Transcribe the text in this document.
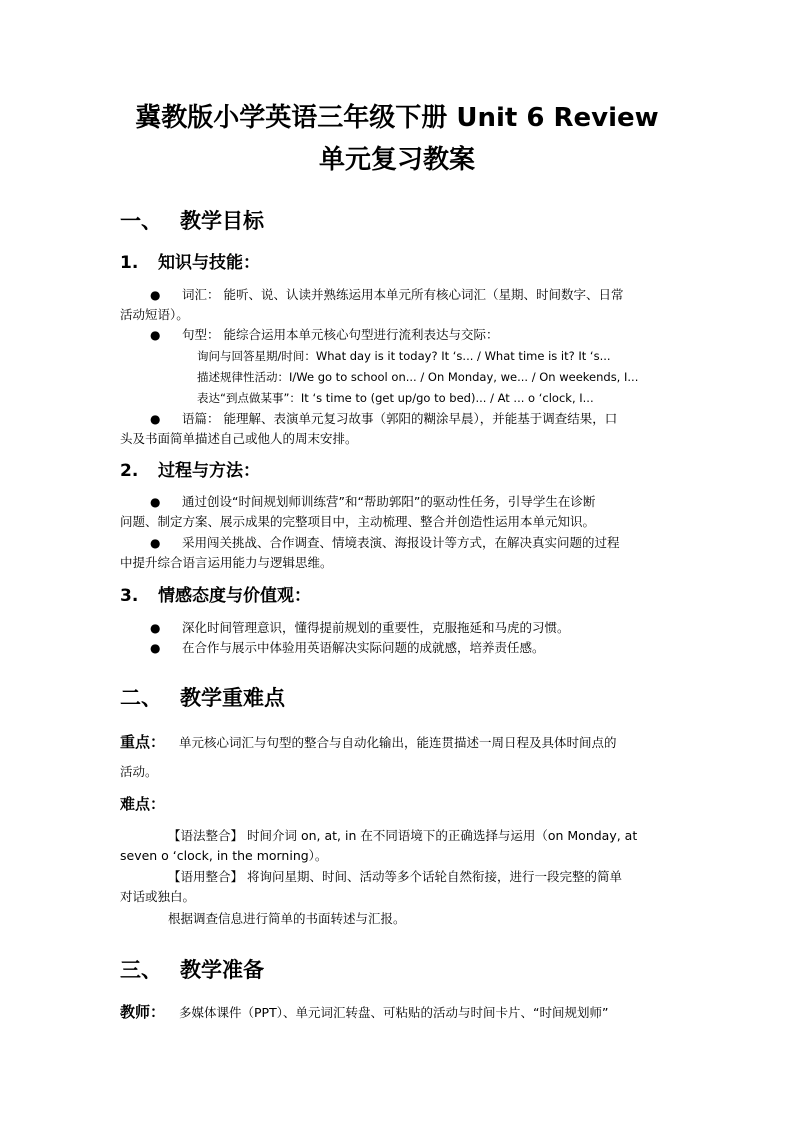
冀教版小学英语三年级下册 Unit 6 Review
单元复习教案
一、 教学目标
1. 知识与技能：
●	词汇： 能听、说、认读并熟练运用本单元所有核心词汇（星期、时间数字、日常
活动短语）。
●	句型： 能综合运用本单元核心句型进行流利表达与交际：
询问与回答星期/时间：What day is it today? It ‘s... / What time is it? It ‘s...
描述规律性活动：I/We go to school on... / On Monday, we... / On weekends, I...
表达“到点做某事”：It ‘s time to (get up/go to bed)... / At ... o ‘clock, I...
●	语篇： 能理解、表演单元复习故事（郭阳的糊涂早晨），并能基于调查结果，口
头及书面简单描述自己或他人的周末安排。
2. 过程与方法：
●	通过创设“时间规划师训练营”和“帮助郭阳”的驱动性任务，引导学生在诊断
问题、制定方案、展示成果的完整项目中，主动梳理、整合并创造性运用本单元知识。
●	采用闯关挑战、合作调查、情境表演、海报设计等方式，在解决真实问题的过程
中提升综合语言运用能力与逻辑思维。
3. 情感态度与价值观：
●	深化时间管理意识，懂得提前规划的重要性，克服拖延和马虎的习惯。
●	在合作与展示中体验用英语解决实际问题的成就感，培养责任感。
二、 教学重难点
重点： 单元核心词汇与句型的整合与自动化输出，能连贯描述一周日程及具体时间点的
活动。
难点：
【语法整合】 时间介词 on, at, in 在不同语境下的正确选择与运用（on Monday, at
seven o ‘clock, in the morning）。
【语用整合】 将询问星期、时间、活动等多个话轮自然衔接，进行一段完整的简单
对话或独白。
根据调查信息进行简单的书面转述与汇报。
三、 教学准备
教师： 多媒体课件（PPT）、单元词汇转盘、可粘贴的活动与时间卡片、“时间规划师”
